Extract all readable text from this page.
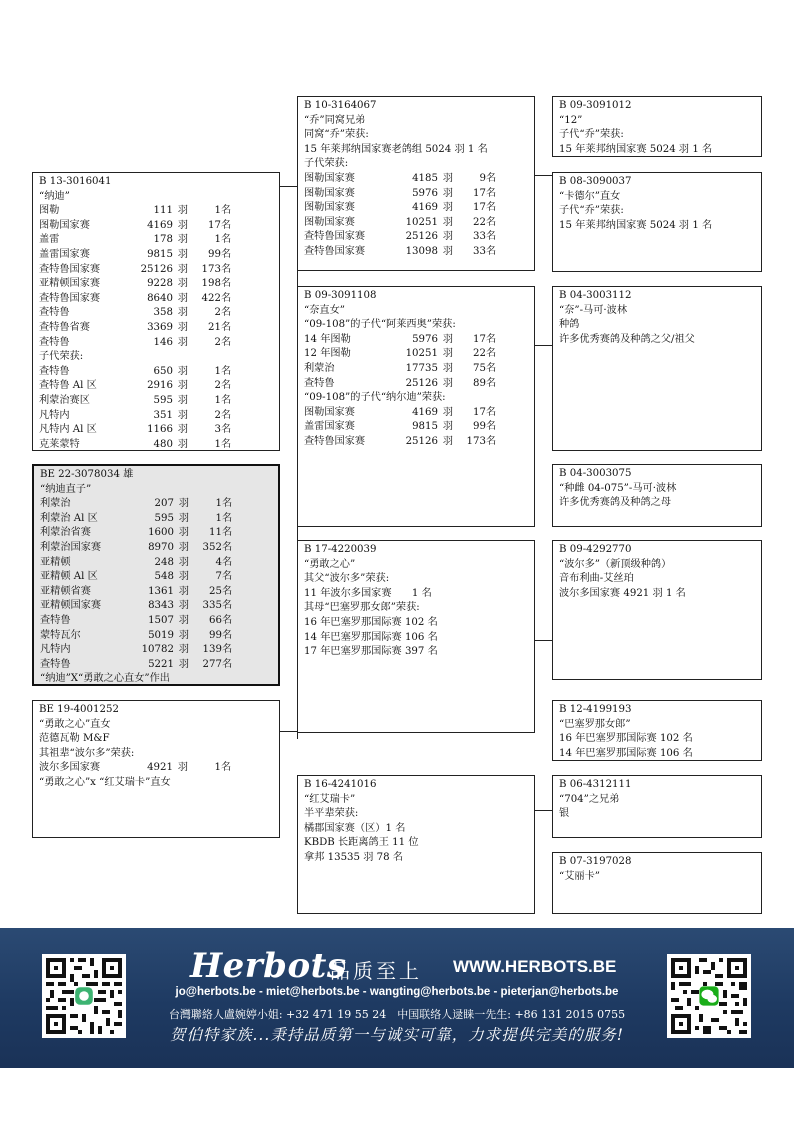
B 10-3164067
“乔”同窝兄弟
同窝“乔”荣获:
15 年莱邦纳国家赛老鸽组 5024 羽 1 名
子代荣获:
图勒国家赛	4185 羽	9名
图勒国家赛	5976 羽 17名
图勒国家赛	4169 羽 17名
图勒国家赛	10251 羽 22名
查特鲁国家赛	25126 羽 33名
查特鲁国家赛	13098 羽 33名
B 09-3091108
“奈直女”
“09-108”的子代“阿莱西奥”荣获:
14 年图勒	5976 羽 17名
12 年图勒	10251 羽 22名
利蒙治	17735 羽 75名
查特鲁	25126 羽 89名
“09-108”的子代“纳尔迪”荣获:
图勒国家赛	4169 羽 17名
盖雷国家赛	9815 羽 99名
查特鲁国家赛	25126 羽 173名
B 17-4220039
“勇敢之心”
其父“波尔多”荣获:
11 年波尔多国家赛　　1 名
其母“巴塞罗那女郎”荣获:
16 年巴塞罗那国际赛 102 名
14 年巴塞罗那国际赛 106 名
17 年巴塞罗那国际赛 397 名
B 16-4241016
“红艾瑞卡”
半平辈荣获:
橘郡国家赛（区）1 名
KBDB 长距离鸽王 11 位
拿邦 13535 羽 78 名
B 09-3091012
“12”
子代“乔”荣获:
15 年莱邦纳国家赛 5024 羽 1 名
B 08-3090037
“卡德尔”直女
子代“乔”荣获:
15 年莱邦纳国家赛 5024 羽 1 名
B 04-3003112
“奈”-马可·波林
种鸽
许多优秀赛鸽及种鸽之父/祖父
B 04-3003075
“种雌 04-075”-马可·波林
许多优秀赛鸽及种鸽之母
B 09-4292770
“波尔多”（新顶级种鸽）
音布利曲-艾丝珀
波尔多国家赛 4921 羽 1 名
B 12-4199193
“巴塞罗那女郎”
16 年巴塞罗那国际赛 102 名
14 年巴塞罗那国际赛 106 名
B 06-4312111
“704”之兄弟
银
B 07-3197028
“艾丽卡”
B 13-3016041
“纳迪”
图勒	111 羽	1名
图勒国家赛	4169 羽 17名
盖雷	178 羽	1名
盖雷国家赛	9815 羽 99名
查特鲁国家赛	25126 羽 173名
亚精顿国家赛	9228 羽 198名
查特鲁国家赛	8640 羽 422名
查特鲁	358 羽	2名
查特鲁省赛	3369 羽 21名
查特鲁	146 羽	2名
子代荣获:
查特鲁	650 羽	1名
查特鲁 Al 区	2916 羽	2名
利蒙治赛区	595 羽	1名
凡特内	351 羽	2名
凡特内 Al 区	1166 羽	3名
克莱蒙特	480 羽	1名
BE 19-4001252
“勇敢之心”直女
范德瓦勒 M&F
其祖辈“波尔多”荣获:
波尔多国家赛	4921 羽	1名
“勇敢之心”x “红艾瑞卡”直女
BE 22-3078034 雄
“纳迪直子”
利蒙治	207 羽	1名
利蒙治 Al 区	595 羽	1名
利蒙治省赛	1600 羽 11名
利蒙治国家赛	8970 羽 352名
亚精顿	248 羽	4名
亚精顿 Al 区	548 羽	7名
亚精顿省赛	1361 羽 25名
亚精顿国家赛	8343 羽 335名
查特鲁	1507 羽 66名
蒙特瓦尔	5019 羽 99名
凡特内	10782 羽 139名
查特鲁	5221 羽 277名
“纳迪”X“勇敢之心直女”作出
Herbots
品质至上 WWW.HERBOTS.BE
jo@herbots.be - miet@herbots.be - wangting@herbots.be - pieterjan@herbots.be
台灣聯絡人盧婉婷小姐: +32 471 19 55 24　中国联络人逯睐一先生: +86 131 2015 0755
贺伯特家族...秉持品质第一与诚实可靠，力求提供完美的服务!
